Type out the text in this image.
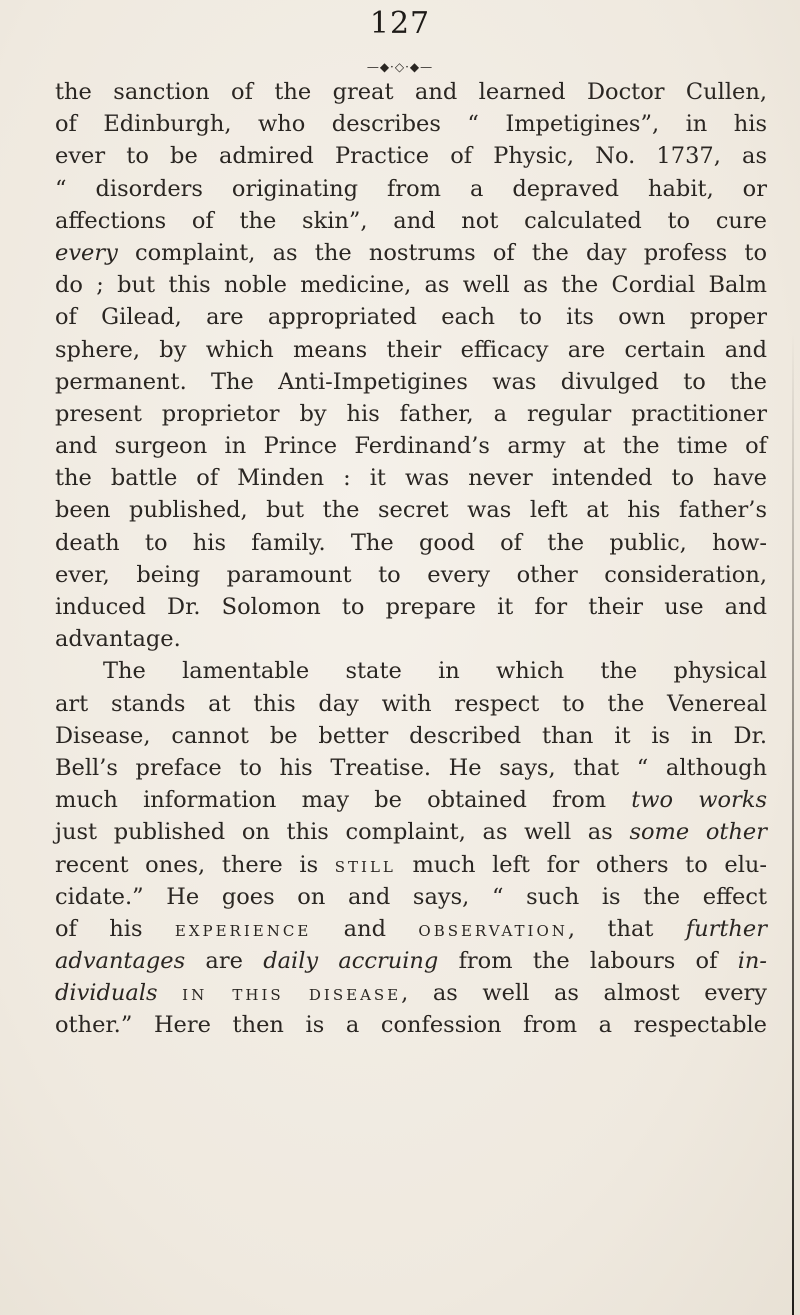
127
—◆·◇·◆—
the sanction of the great and learned Doctor Cullen,
of Edinburgh, who describes “ Impetigines”, in his
ever to be admired Practice of Physic, No. 1737, as
“ disorders originating from a depraved habit, or
affections of the skin”, and not calculated to cure
every complaint, as the nostrums of the day profess to
do ; but this noble medicine, as well as the Cordial Balm
of Gilead, are appropriated each to its own proper
sphere, by which means their efficacy are certain and
permanent. The Anti-Impetigines was divulged to the
present proprietor by his father, a regular practitioner
and surgeon in Prince Ferdinand’s army at the time of
the battle of Minden : it was never intended to have
been published, but the secret was left at his father’s
death to his family. The good of the public, how-
ever, being paramount to every other consideration,
induced Dr. Solomon to prepare it for their use and
advantage.
The lamentable state in which the physical
art stands at this day with respect to the Venereal
Disease, cannot be better described than it is in Dr.
Bell’s preface to his Treatise. He says, that “ although
much information may be obtained from two works
just published on this complaint, as well as some other
recent ones, there is STILL much left for others to elu-
cidate.” He goes on and says, “ such is the effect
of his EXPERIENCE and OBSERVATION, that further
advantages are daily accruing from the labours of in-
dividuals IN THIS DISEASE, as well as almost every
other.” Here then is a confession from a respectable
